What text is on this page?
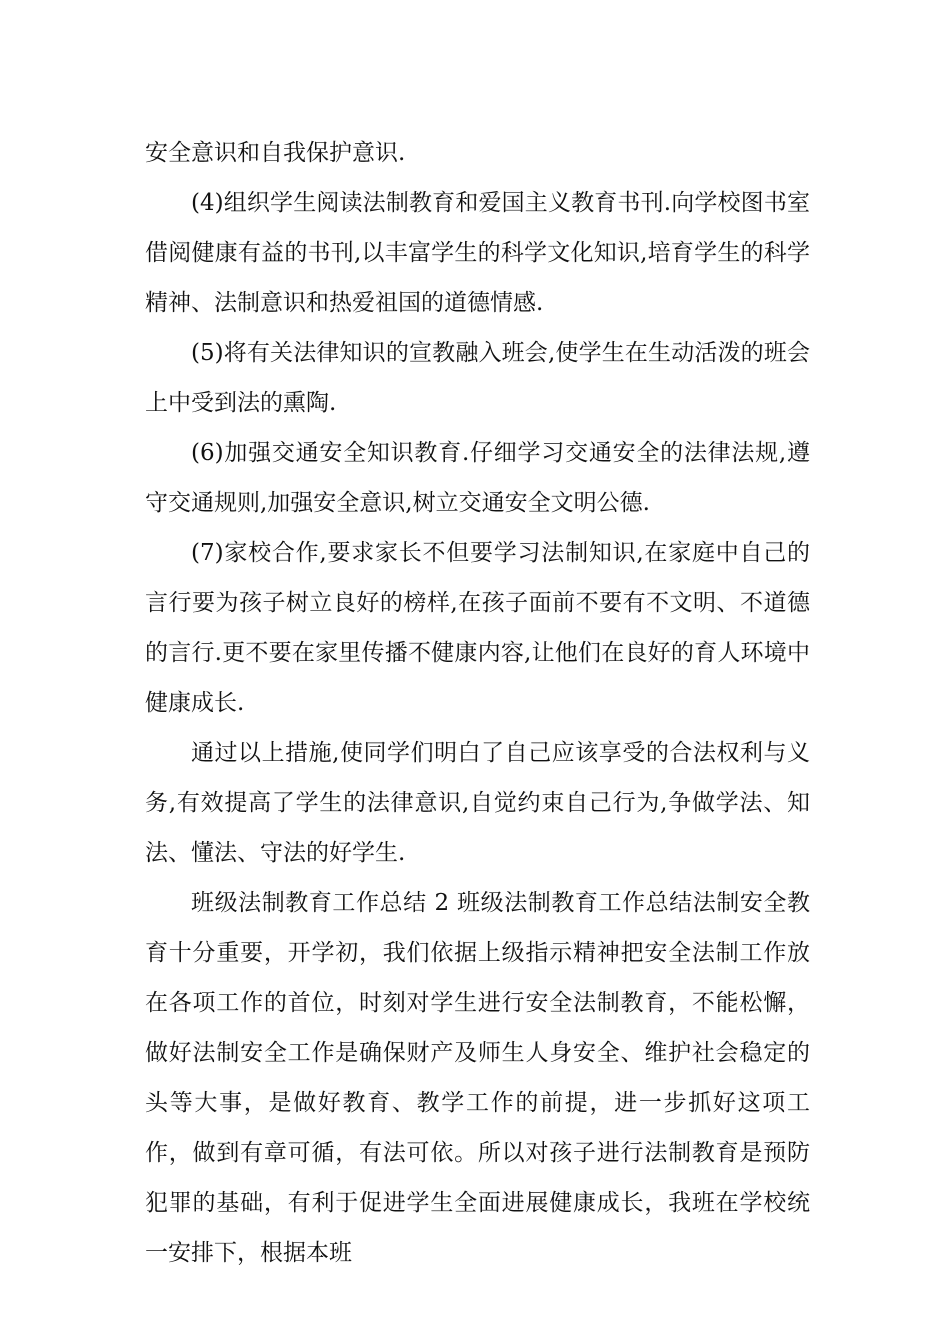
安全意识和自我保护意识.

(4)组织学生阅读法制教育和爱国主义教育书刊.向学校图书室借阅健康有益的书刊,以丰富学生的科学文化知识,培育学生的科学精神、法制意识和热爱祖国的道德情感.

(5)将有关法律知识的宣教融入班会,使学生在生动活泼的班会上中受到法的熏陶.

(6)加强交通安全知识教育.仔细学习交通安全的法律法规,遵守交通规则,加强安全意识,树立交通安全文明公德.

(7)家校合作,要求家长不但要学习法制知识,在家庭中自己的言行要为孩子树立良好的榜样,在孩子面前不要有不文明、不道德的言行.更不要在家里传播不健康内容,让他们在良好的育人环境中健康成长.

通过以上措施,使同学们明白了自己应该享受的合法权利与义务,有效提高了学生的法律意识,自觉约束自己行为,争做学法、知法、懂法、守法的好学生.

班级法制教育工作总结 2 班级法制教育工作总结法制安全教育十分重要，开学初，我们依据上级指示精神把安全法制工作放在各项工作的首位，时刻对学生进行安全法制教育，不能松懈，做好法制安全工作是确保财产及师生人身安全、维护社会稳定的头等大事，是做好教育、教学工作的前提，进一步抓好这项工作，做到有章可循，有法可依。所以对孩子进行法制教育是预防犯罪的基础，有利于促进学生全面进展健康成长，我班在学校统一安排下，根据本班
